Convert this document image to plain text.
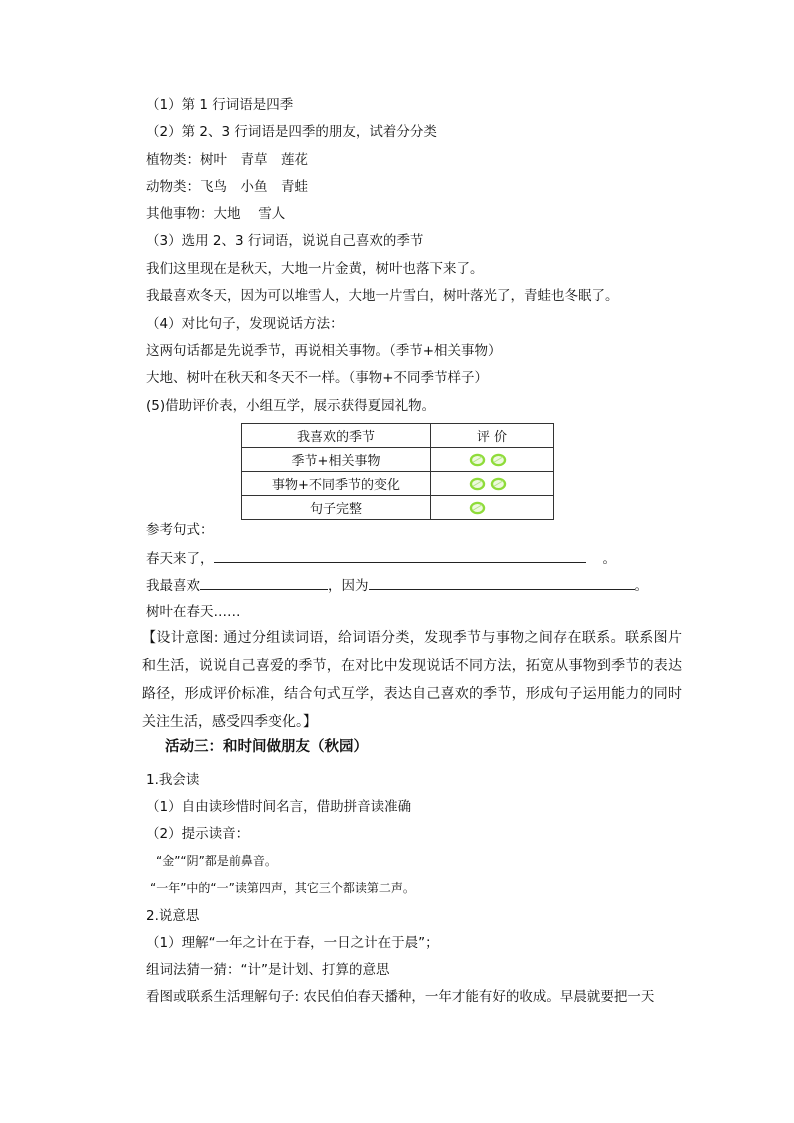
（1）第 1 行词语是四季
（2）第 2、3 行词语是四季的朋友，试着分分类
植物类：树叶　青草　莲花
动物类：飞鸟　小鱼　青蛙
其他事物：大地　 雪人
（3）选用 2、3 行词语，说说自己喜欢的季节
我们这里现在是秋天，大地一片金黄，树叶也落下来了。
我最喜欢冬天，因为可以堆雪人，大地一片雪白，树叶落光了，青蛙也冬眠了。
（4）对比句子，发现说话方法：
这两句话都是先说季节，再说相关事物。（季节+相关事物）
大地、树叶在秋天和冬天不一样。（事物+不同季节样子）
(5)借助评价表，小组互学，展示获得夏园礼物。
我喜欢的季节	评 价
季节+相关事物	
事物+不同季节的变化	
句子完整	
参考句式：
春天来了，	。
我最喜欢	，因为	。
树叶在春天……
【设计意图: 通过分组读词语，给词语分类，发现季节与事物之间存在联系。联系图片和生活，说说自己喜爱的季节，在对比中发现说话不同方法，拓宽从事物到季节的表达路径，形成评价标准，结合句式互学，表达自己喜欢的季节，形成句子运用能力的同时关注生活，感受四季变化。】
活动三：和时间做朋友（秋园）
1.我会读
（1）自由读珍惜时间名言，借助拼音读准确
（2）提示读音：
“金”“阴”都是前鼻音。
“一年”中的“一”读第四声，其它三个都读第二声。
2.说意思
（1）理解“一年之计在于春，一日之计在于晨”；
组词法猜一猜：“计”是计划、打算的意思
看图或联系生活理解句子: 农民伯伯春天播种，一年才能有好的收成。早晨就要把一天
